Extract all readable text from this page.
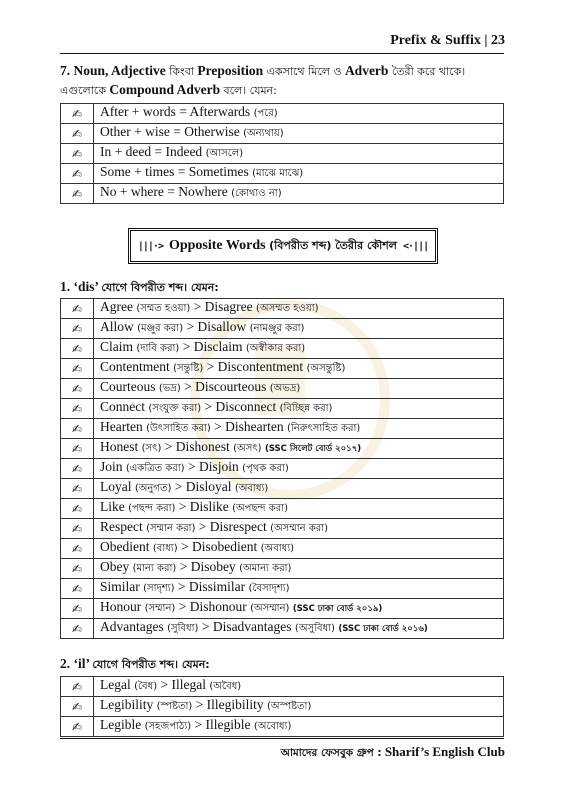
Prefix & Suffix | 23
7. Noun, Adjective কিংবা Preposition একসাথে মিলে ও Adverb তৈরী করে থাকে।
এগুলোকে Compound Adverb বলে। যেমন:
✍	After + words = Afterwards (পরে)
✍	Other + wise = Otherwise (অন্যথায়)
✍	In + deed = Indeed (আসলে)
✍	Some + times = Sometimes (মাঝে মাঝে)
✍	No + where = Nowhere (কোথাও না)
|||·> Opposite Words
(বিপরীত শব্দ) তৈরীর কৌশল <·|||
1. ‘dis’ যোগে বিপরীত শব্দ। যেমন:
✍	Agree (সম্মত হওয়া) > Disagree (অসম্মত হওয়া)
✍	Allow (মঞ্জুর করা) > Disallow (নামঞ্জুর করা)
✍	Claim (দাবি করা) > Disclaim (অস্বীকার করা)
✍	Contentment (সন্তুষ্টি) > Discontentment (অসন্তুষ্টি)
✍	Courteous (ভদ্র) > Discourteous (অভদ্র)
✍	Connect (সংযুক্ত করা) > Disconnect (বিচ্ছিন্ন করা)
✍	Hearten (উৎসাহিত করা) > Dishearten (নিরুৎসাহিত করা)
✍	Honest (সৎ) > Dishonest (অসৎ) (SSC সিলেট বোর্ড ২০১৭)
✍	Join (একত্রিত করা) > Disjoin (পৃথক করা)
✍	Loyal (অনুগত) > Disloyal (অবাধ্য)
✍	Like (পছন্দ করা) > Dislike (অপছন্দ করা)
✍	Respect (সম্মান করা) > Disrespect (অসম্মান করা)
✍	Obedient (বাধ্য) > Disobedient (অবাধ্য)
✍	Obey (মান্য করা) > Disobey (অমান্য করা)
✍	Similar (সাদৃশ্য) > Dissimilar (বৈসাদৃশ্য)
✍	Honour (সম্মান) > Dishonour (অসম্মান) (SSC ঢাকা বোর্ড ২০১৯)
✍	Advantages (সুবিধা) > Disadvantages (অসুবিধা) (SSC ঢাকা বোর্ড ২০১৬)
2. ‘il’ যোগে বিপরীত শব্দ। যেমন:
✍	Legal (বৈধ) > Illegal (অবৈধ)
✍	Legibility (স্পষ্টতা) > Illegibility (অস্পষ্টতা)
✍	Legible (সহজপাঠ্য) > Illegible (অবোধ্য)
আমাদের ফেসবুক গ্রুপ : Sharif’s English Club
